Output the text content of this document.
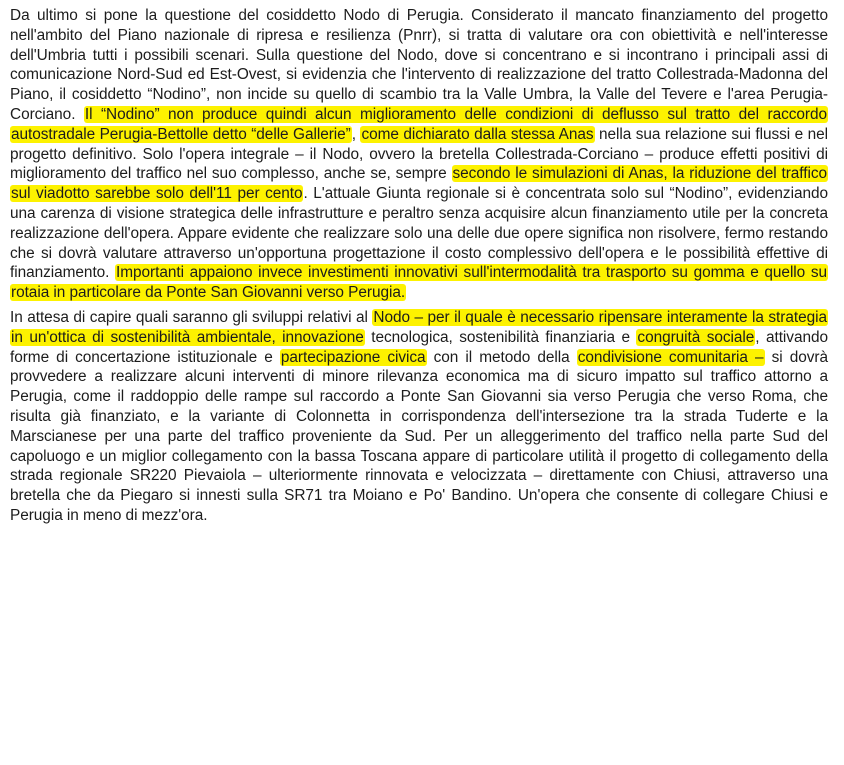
Da ultimo si pone la questione del cosiddetto Nodo di Perugia. Considerato il mancato finanziamento del progetto nell'ambito del Piano nazionale di ripresa e resilienza (Pnrr), si tratta di valutare ora con obiettività e nell'interesse dell'Umbria tutti i possibili scenari. Sulla questione del Nodo, dove si concentrano e si incontrano i principali assi di comunicazione Nord-Sud ed Est-Ovest, si evidenzia che l'intervento di realizzazione del tratto Collestrada-Madonna del Piano, il cosiddetto “Nodino”, non incide su quello di scambio tra la Valle Umbra, la Valle del Tevere e l'area Perugia-Corciano. Il “Nodino” non produce quindi alcun miglioramento delle condizioni di deflusso sul tratto del raccordo autostradale Perugia-Bettolle detto “delle Gallerie”, come dichiarato dalla stessa Anas nella sua relazione sui flussi e nel progetto definitivo. Solo l'opera integrale – il Nodo, ovvero la bretella Collestrada-Corciano – produce effetti positivi di miglioramento del traffico nel suo complesso, anche se, sempre secondo le simulazioni di Anas, la riduzione del traffico sul viadotto sarebbe solo dell'11 per cento. L'attuale Giunta regionale si è concentrata solo sul “Nodino”, evidenziando una carenza di visione strategica delle infrastrutture e peraltro senza acquisire alcun finanziamento utile per la concreta realizzazione dell'opera. Appare evidente che realizzare solo una delle due opere significa non risolvere, fermo restando che si dovrà valutare attraverso un'opportuna progettazione il costo complessivo dell'opera e le possibilità effettive di finanziamento. Importanti appaiono invece investimenti innovativi sull'intermodalità tra trasporto su gomma e quello su rotaia in particolare da Ponte San Giovanni verso Perugia.

In attesa di capire quali saranno gli sviluppi relativi al Nodo – per il quale è necessario ripensare interamente la strategia in un'ottica di sostenibilità ambientale, innovazione tecnologica, sostenibilità finanziaria e congruità sociale, attivando forme di concertazione istituzionale e partecipazione civica con il metodo della condivisione comunitaria – si dovrà provvedere a realizzare alcuni interventi di minore rilevanza economica ma di sicuro impatto sul traffico attorno a Perugia, come il raddoppio delle rampe sul raccordo a Ponte San Giovanni sia verso Perugia che verso Roma, che risulta già finanziato, e la variante di Colonnetta in corrispondenza dell'intersezione tra la strada Tuderte e la Marscianese per una parte del traffico proveniente da Sud. Per un alleggerimento del traffico nella parte Sud del capoluogo e un miglior collegamento con la bassa Toscana appare di particolare utilità il progetto di collegamento della strada regionale SR220 Pievaiola – ulteriormente rinnovata e velocizzata – direttamente con Chiusi, attraverso una bretella che da Piegaro si innesti sulla SR71 tra Moiano e Po' Bandino. Un'opera che consente di collegare Chiusi e Perugia in meno di mezz'ora.
